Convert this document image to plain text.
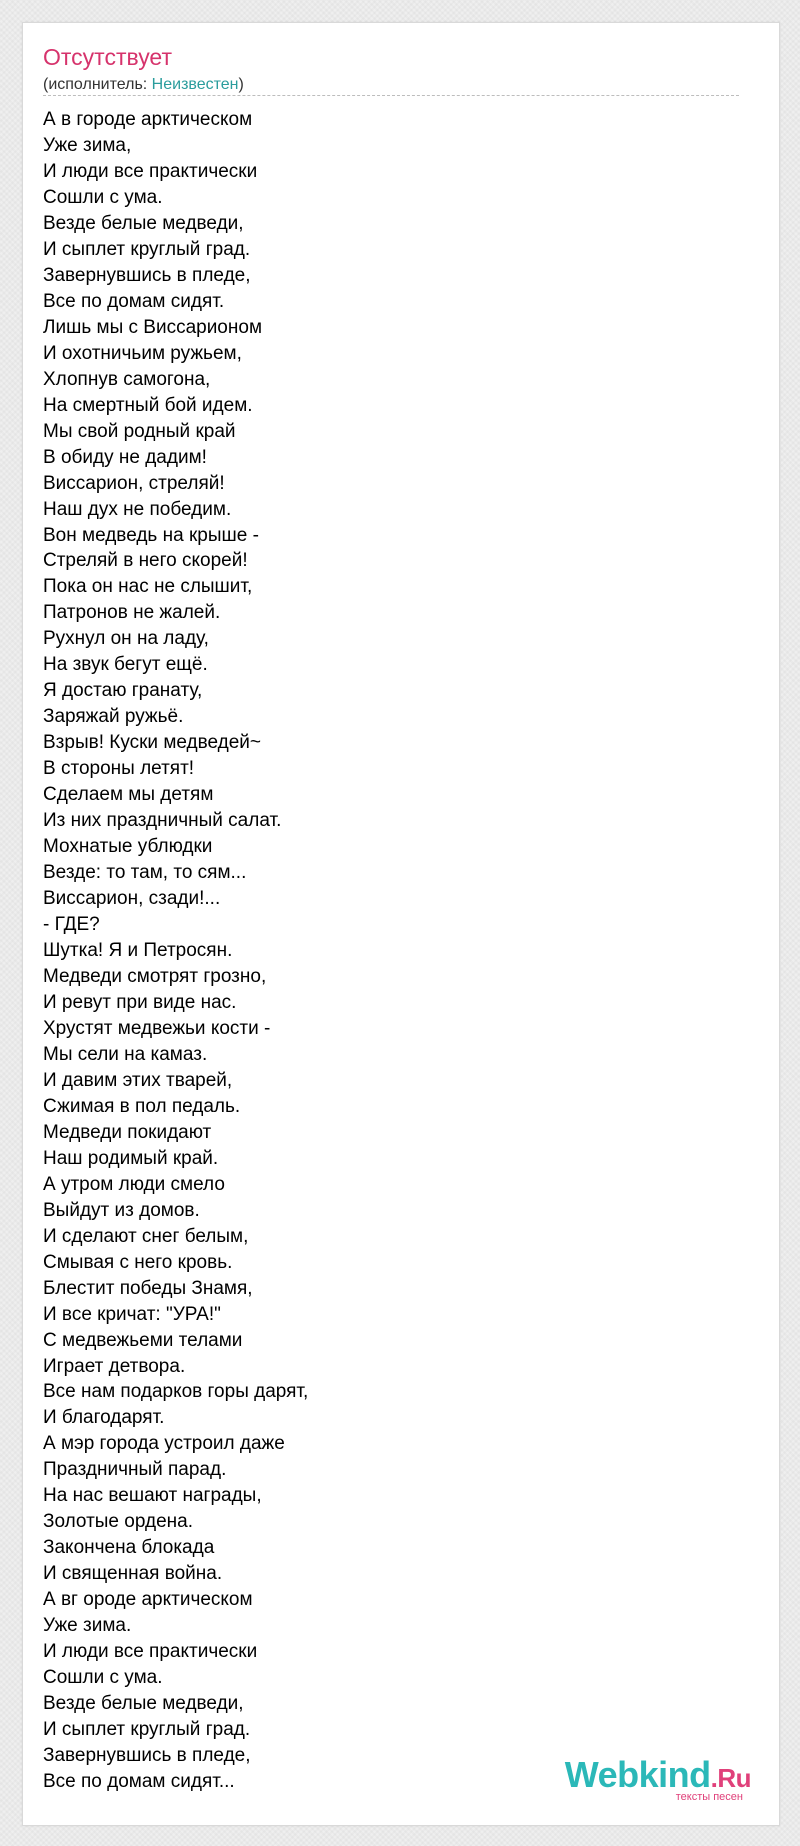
Отсутствует
(исполнитель: Неизвестен)
А в городе арктическом
Уже зима,
И люди все практически
Сошли с ума.
Везде белые медведи,
И сыплет круглый град.
Завернувшись в пледе,
Все по домам сидят.
Лишь мы с Виссарионом
И охотничьим ружьем,
Хлопнув самогона,
На смертный бой идем.
Мы свой родный край
В обиду не дадим!
Виссарион, стреляй!
Наш дух не победим.
Вон медведь на крыше -
Стреляй в него скорей!
Пока он нас не слышит,
Патронов не жалей.
Рухнул он на ладу,
На звук бегут ещё.
Я достаю гранату,
Заряжай ружьё.
Взрыв! Куски медведей~
В стороны летят!
Сделаем мы детям
Из них праздничный салат.
Мохнатые ублюдки
Везде: то там, то сям...
Виссарион, сзади!...
- ГДЕ?
Шутка! Я и Петросян.
Медведи смотрят грозно,
И ревут при виде нас.
Хрустят медвежьи кости -
Мы сели на камаз.
И давим этих тварей,
Сжимая в пол педаль.
Медведи покидают
Наш родимый край.
А утром люди смело
Выйдут из домов.
И сделают снег белым,
Смывая с него кровь.
Блестит победы Знамя,
И все кричат: "УРА!"
С медвежьеми телами
Играет детвора.
Все нам подарков горы дарят,
И благодарят.
А мэр города устроил даже
Праздничный парад.
На нас вешают награды,
Золотые ордена.
Закончена блокада
И священная война.
А вг ороде арктическом
Уже зима.
И люди все практически
Сошли с ума.
Везде белые медведи,
И сыплет круглый град.
Завернувшись в пледе,
Все по домам сидят...	Webkind.Ru
тексты песен
